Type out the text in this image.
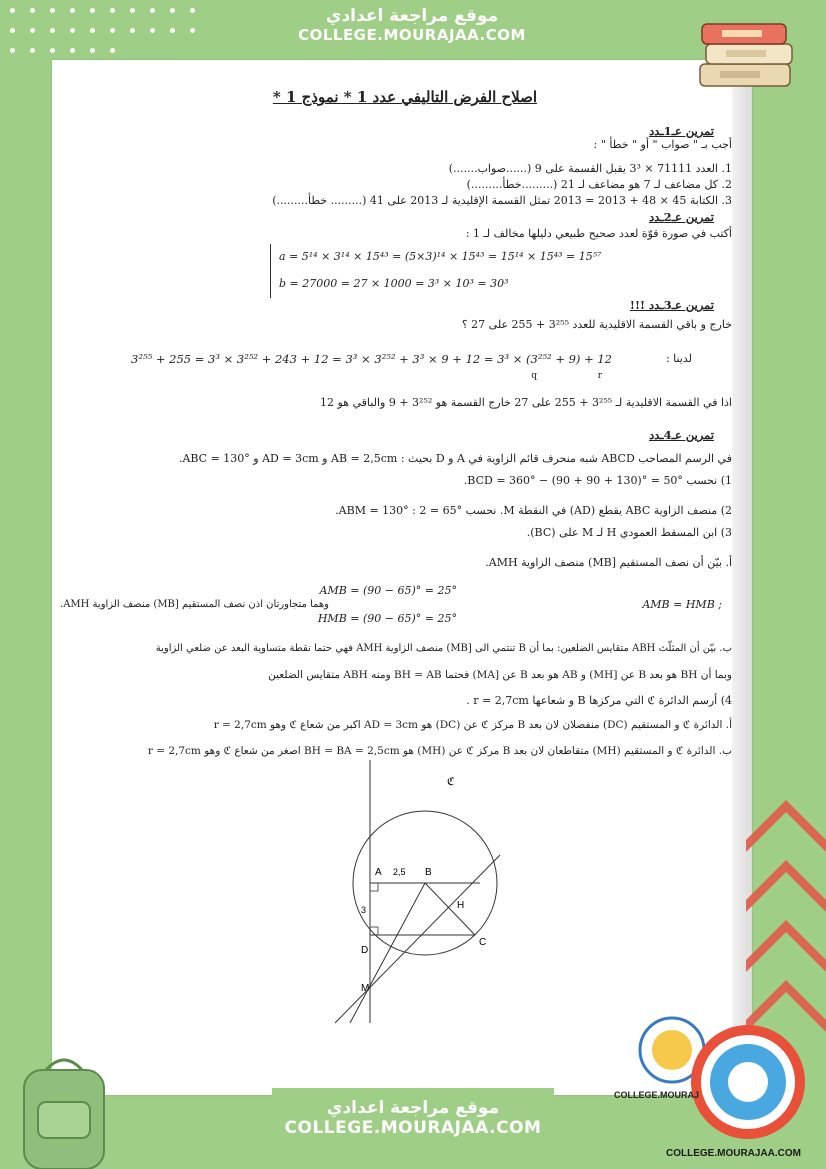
موقع مراجعة اعدادي
COLLEGE.MOURAJAA.COM
اصلاح الفرض التاليفي عدد 1 * نموذج 1 *
تمرين عـ1ـدد
أجب بـ " صواب " أو " خطأ " :
1. العدد 71111 × 3³ يقبل القسمة على 9 (......صواب.......)
2. كل مضاعف لـ 7 هو مضاعف لـ 21 (.........خطأ.........)
3. الكتابة 45 × 48 + 2013 = 2013 تمثل القسمة الإقليدية لـ 2013 على 41 (......... خطأ.........)
تمرين عـ2ـدد
أكتب في صورة قوّة لعدد صحيح طبيعي دليلها مخالف لـ 1 :
a = 5¹⁴ × 3¹⁴ × 15⁴³ = (5×3)¹⁴ × 15⁴³ = 15¹⁴ × 15⁴³ = 15⁵⁷
b = 27000 = 27 × 1000 = 3³ × 10³ = 30³
تمرين عـ3ـدد !!!
خارج و باقي القسمة الاقليدية للعدد 3²⁵⁵ + 255 على 27 ؟
لدينا :
3²⁵⁵ + 255 = 3³ × 3²⁵² + 243 + 12 = 3³ × 3²⁵² + 3³ × 9 + 12 = 3³ × (3²⁵² + 9) + 12
q	r
اذا في القسمة الاقليدية لـ 3²⁵⁵ + 255 على 27 خارج القسمة هو 3²⁵² + 9 والباقي هو 12
تمرين عـ4ـدد
في الرسم المصاحب ABCD شبه منحرف قائم الزاوية في A و D بحيث : AB = 2,5cm و AD = 3cm و ABC = 130°.
1) نحسب BCD = 360° − (90 + 90 + 130)° = 50°.
2) منصف الزاوية ABC يقطع (AD) في النقطة M. نحسب ABM = 130° : 2 = 65°.
3) ابن المسقط العمودي H لـ M على (BC).
أ. بيّن أن نصف المستقيم [MB) منصف الزاوية AMH.
AMB = (90 − 65)° = 25°
HMB = (90 − 65)° = 25°
AMB = HMB ;
وهما متجاورتان اذن نصف المستقيم [MB) منصف الزاوية AMH.
ب. بيّن أن المثلّث ABH متقايس الضلعين: بما أن B تنتمي الى [MB) منصف الزاوية AMH فهي حتما نقطة متساوية البعد عن ضلعي الزاوية
وبما أن BH هو بعد B عن [MH) و AB هو بعد B عن [MA) فحتما BH = AB ومنه ABH متقايس الضلعين
4) أرسم الدائرة ℭ التي مركزها B و شعاعها r = 2,7cm .
أ. الدائرة ℭ و المستقيم (DC) منفصلان لان بعد B مركز ℭ عن (DC) هو AD = 3cm اكبر من شعاع ℭ وهو r = 2,7cm
ب. الدائرة ℭ و المستقيم (MH) متقاطعان لان بعد B مركز ℭ عن (MH) هو BH = BA = 2,5cm اصغر من شعاع ℭ وهو r = 2,7cm
A	B
C
D
H
M
ℭ
2,5
3
COLLEGE.MOURAJ
COLLEGE.MOURAJAA.COM
موقع مراجعة اعدادي
COLLEGE.MOURAJAA.COM
